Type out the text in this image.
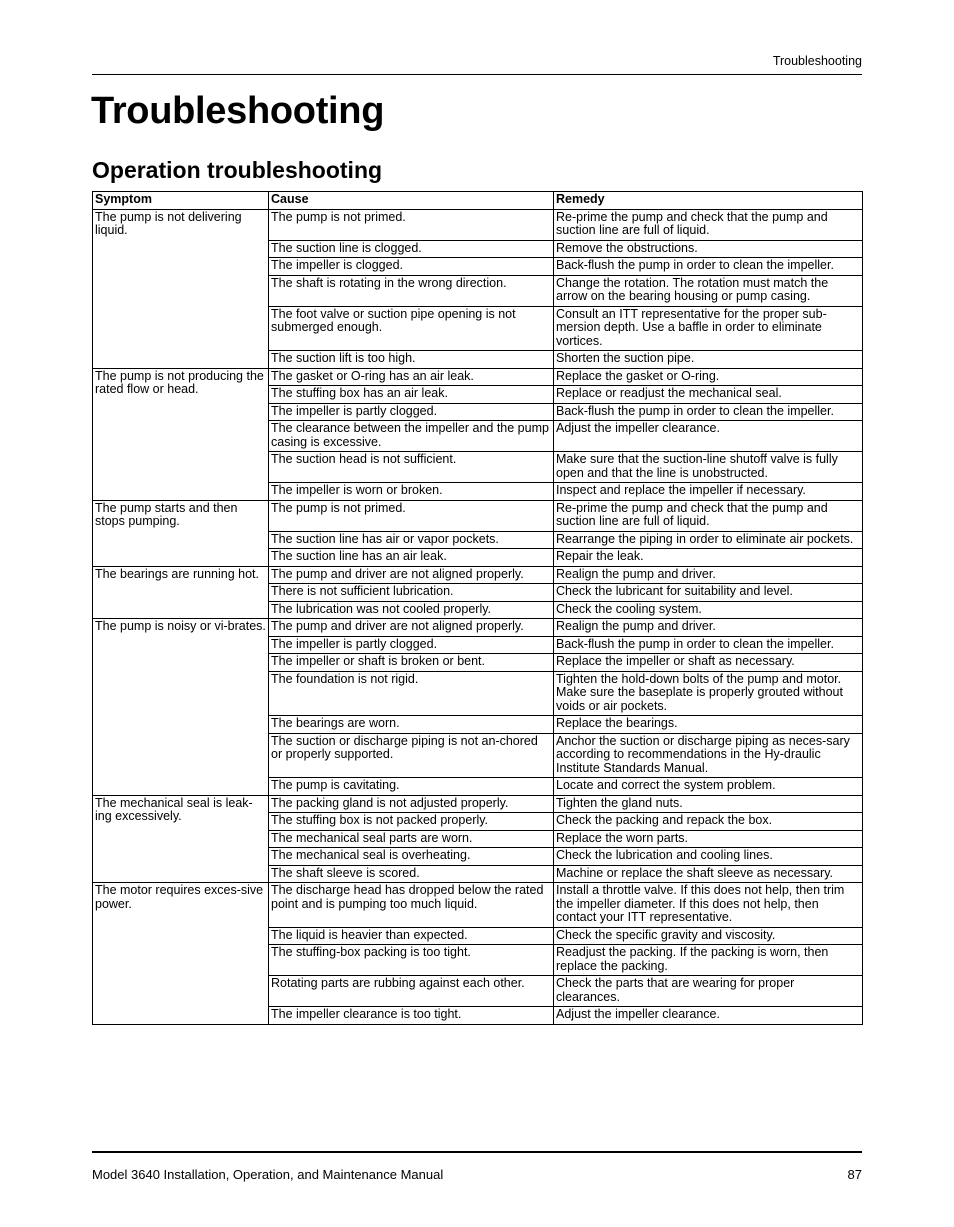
Troubleshooting
Troubleshooting
Operation troubleshooting
Symptom	Cause	Remedy
The pump is not delivering liquid.	The pump is not primed.	Re-prime the pump and check that the pump and suction line are full of liquid.
	The suction line is clogged.	Remove the obstructions.
	The impeller is clogged.	Back-flush the pump in order to clean the impeller.
	The shaft is rotating in the wrong direction.	Change the rotation. The rotation must match the arrow on the bearing housing or pump casing.
	The foot valve or suction pipe opening is not submerged enough.	Consult an ITT representative for the proper sub-mersion depth. Use a baffle in order to eliminate vortices.
	The suction lift is too high.	Shorten the suction pipe.
The pump is not producing the rated flow or head.	The gasket or O-ring has an air leak.	Replace the gasket or O-ring.
	The stuffing box has an air leak.	Replace or readjust the mechanical seal.
	The impeller is partly clogged.	Back-flush the pump in order to clean the impeller.
	The clearance between the impeller and the pump casing is excessive.	Adjust the impeller clearance.
	The suction head is not sufficient.	Make sure that the suction-line shutoff valve is fully open and that the line is unobstructed.
	The impeller is worn or broken.	Inspect and replace the impeller if necessary.
The pump starts and then stops pumping.	The pump is not primed.	Re-prime the pump and check that the pump and suction line are full of liquid.
	The suction line has air or vapor pockets.	Rearrange the piping in order to eliminate air pockets.
	The suction line has an air leak.	Repair the leak.
The bearings are running hot.	The pump and driver are not aligned properly.	Realign the pump and driver.
	There is not sufficient lubrication.	Check the lubricant for suitability and level.
	The lubrication was not cooled properly.	Check the cooling system.
The pump is noisy or vi-brates.	The pump and driver are not aligned properly.	Realign the pump and driver.
	The impeller is partly clogged.	Back-flush the pump in order to clean the impeller.
	The impeller or shaft is broken or bent.	Replace the impeller or shaft as necessary.
	The foundation is not rigid.	Tighten the hold-down bolts of the pump and motor. Make sure the baseplate is properly grouted without voids or air pockets.
	The bearings are worn.	Replace the bearings.
	The suction or discharge piping is not an-chored or properly supported.	Anchor the suction or discharge piping as neces-sary according to recommendations in the Hy-draulic Institute Standards Manual.
	The pump is cavitating.	Locate and correct the system problem.
The mechanical seal is leak-ing excessively.	The packing gland is not adjusted properly.	Tighten the gland nuts.
	The stuffing box is not packed properly.	Check the packing and repack the box.
	The mechanical seal parts are worn.	Replace the worn parts.
	The mechanical seal is overheating.	Check the lubrication and cooling lines.
	The shaft sleeve is scored.	Machine or replace the shaft sleeve as necessary.
The motor requires exces-sive power.	The discharge head has dropped below the rated point and is pumping too much liquid.	Install a throttle valve. If this does not help, then trim the impeller diameter. If this does not help, then contact your ITT representative.
	The liquid is heavier than expected.	Check the specific gravity and viscosity.
	The stuffing-box packing is too tight.	Readjust the packing. If the packing is worn, then replace the packing.
	Rotating parts are rubbing against each other.	Check the parts that are wearing for proper clearances.
	The impeller clearance is too tight.	Adjust the impeller clearance.
Model 3640 Installation, Operation, and Maintenance Manual	87
